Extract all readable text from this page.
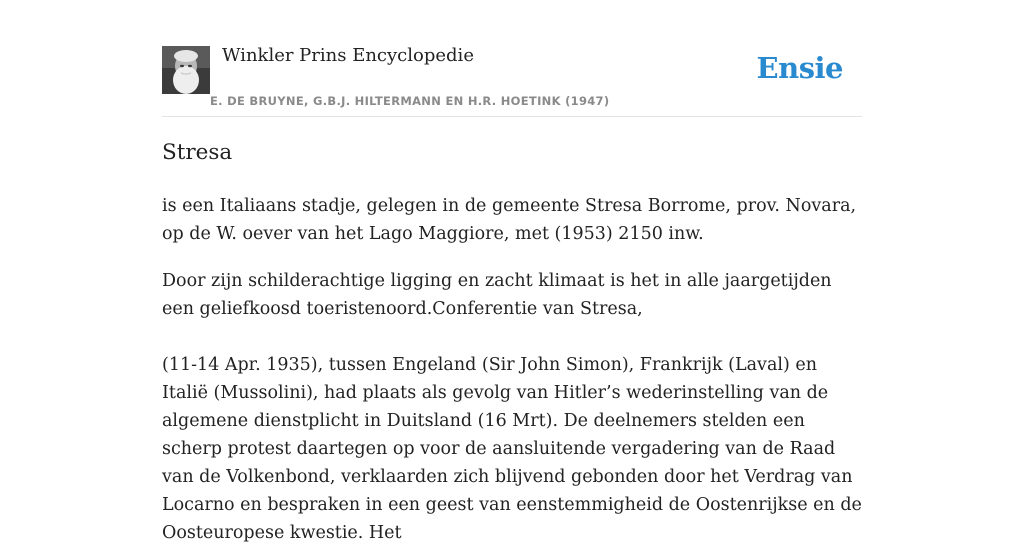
Winkler Prins Encyclopedie
E. DE BRUYNE, G.B.J. HILTERMANN EN H.R. HOETINK (1947)
Ensie
Stresa

is een Italiaans stadje, gelegen in de gemeente Stresa Borrome, prov. Novara, op de W. oever van het Lago Maggiore, met (1953) 2150 inw.

Door zijn schilderachtige ligging en zacht klimaat is het in alle jaargetijden een geliefkoosd toeristenoord.Conferentie van Stresa,

(11-14 Apr. 1935), tussen Engeland (Sir John Simon), Frankrijk (Laval) en Italië (Mussolini), had plaats als gevolg van Hitler’s wederinstelling van de algemene dienstplicht in Duitsland (16 Mrt). De deelnemers stelden een scherp protest daartegen op voor de aansluitende vergadering van de Raad van de Volkenbond, verklaarden zich blijvend gebonden door het Verdrag van Locarno en bespraken in een geest van eenstemmigheid de Oostenrijkse en de Oosteuropese kwestie. Het
